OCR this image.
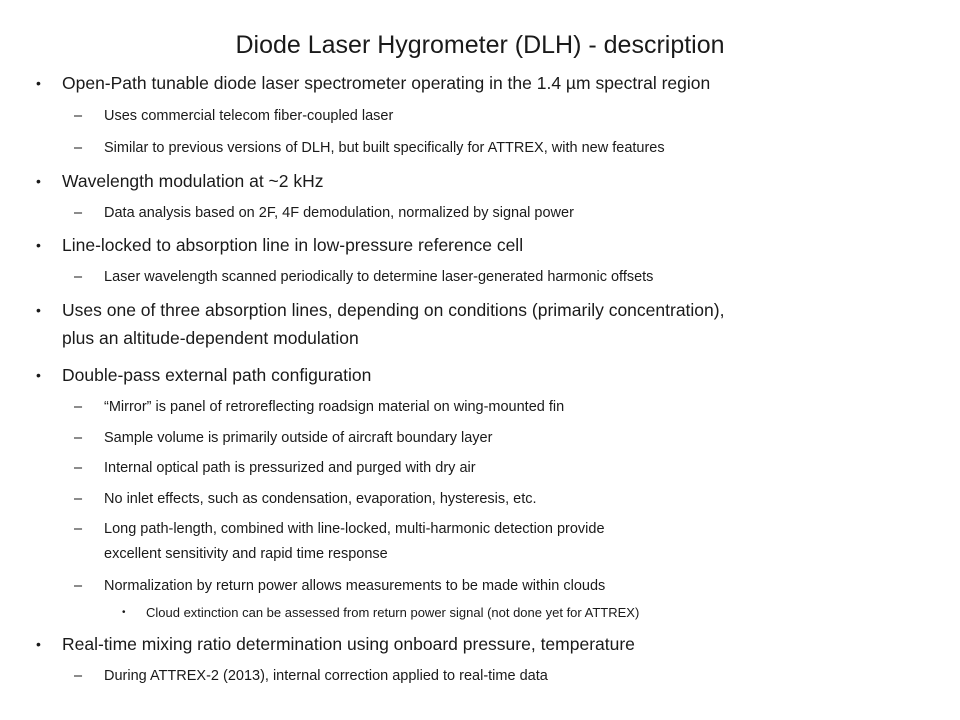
Diode Laser Hygrometer (DLH) - description
• Open-Path tunable diode laser spectrometer operating in the 1.4 µm spectral region
– Uses commercial telecom fiber-coupled laser
– Similar to previous versions of DLH, but built specifically for ATTREX, with new features
• Wavelength modulation at ~2 kHz
– Data analysis based on 2F, 4F demodulation, normalized by signal power
• Line-locked to absorption line in low-pressure reference cell
– Laser wavelength scanned periodically to determine laser-generated harmonic offsets
• Uses one of three absorption lines, depending on conditions (primarily concentration),
plus an altitude-dependent modulation
• Double-pass external path configuration
– “Mirror” is panel of retroreflecting roadsign material on wing-mounted fin
– Sample volume is primarily outside of aircraft boundary layer
– Internal optical path is pressurized and purged with dry air
– No inlet effects, such as condensation, evaporation, hysteresis, etc.
– Long path-length, combined with line-locked, multi-harmonic detection provide
excellent sensitivity and rapid time response
– Normalization by return power allows measurements to be made within clouds
• Cloud extinction can be assessed from return power signal (not done yet for ATTREX)
• Real-time mixing ratio determination using onboard pressure, temperature
– During ATTREX-2 (2013), internal correction applied to real-time data
